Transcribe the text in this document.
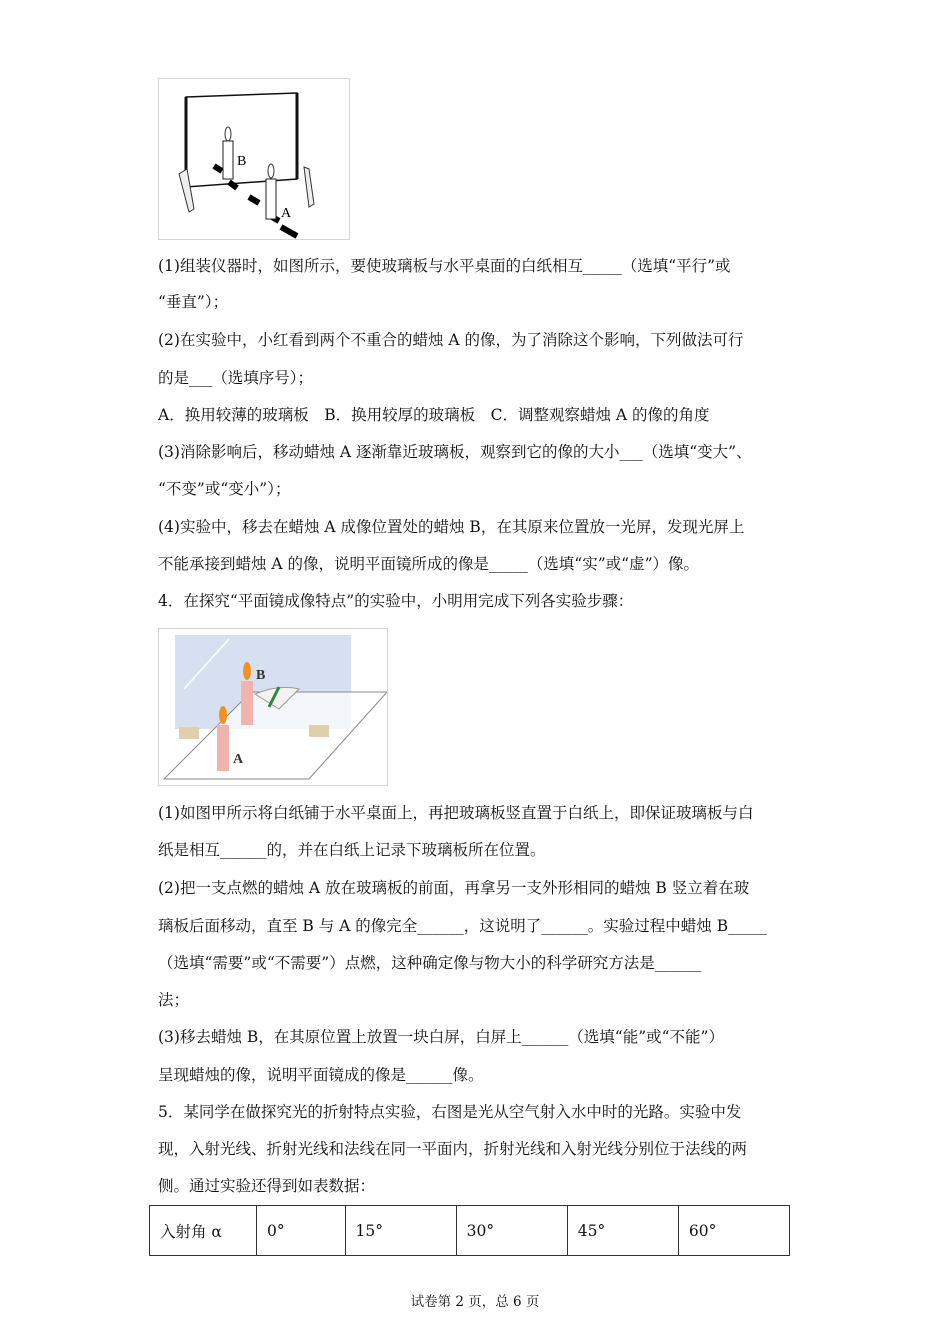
B
A
B
A
(1)组装仪器时，如图所示，要使玻璃板与水平桌面的白纸相互_____（选填“平行”或
“垂直”）；
(2)在实验中，小红看到两个不重合的蜡烛 A 的像，为了消除这个影响，下列做法可行
的是___（选填序号）；
A．换用较薄的玻璃板　B．换用较厚的玻璃板　C．调整观察蜡烛 A 的像的角度
(3)消除影响后，移动蜡烛 A 逐渐靠近玻璃板，观察到它的像的大小___（选填“变大”、
“不变”或“变小”）；
(4)实验中，移去在蜡烛 A 成像位置处的蜡烛 B，在其原来位置放一光屏，发现光屏上
不能承接到蜡烛 A 的像，说明平面镜所成的像是_____（选填“实”或“虚”）像。
4．在探究“平面镜成像特点”的实验中，小明用完成下列各实验步骤：
(1)如图甲所示将白纸铺于水平桌面上，再把玻璃板竖直置于白纸上，即保证玻璃板与白
纸是相互______的，并在白纸上记录下玻璃板所在位置。
(2)把一支点燃的蜡烛 A 放在玻璃板的前面，再拿另一支外形相同的蜡烛 B 竖立着在玻
璃板后面移动，直至 B 与 A 的像完全______，这说明了______。实验过程中蜡烛 B_____
（选填“需要”或“不需要”）点燃，这种确定像与物大小的科学研究方法是______
法；
(3)移去蜡烛 B，在其原位置上放置一块白屏，白屏上______（选填“能”或“不能”）
呈现蜡烛的像，说明平面镜成的像是______像。
5．某同学在做探究光的折射特点实验，右图是光从空气射入水中时的光路。实验中发
现，入射光线、折射光线和法线在同一平面内，折射光线和入射光线分别位于法线的两
侧。通过实验还得到如表数据：
入射角 α	0°	15°	30°	45°	60°
试卷第 2 页，总 6 页
